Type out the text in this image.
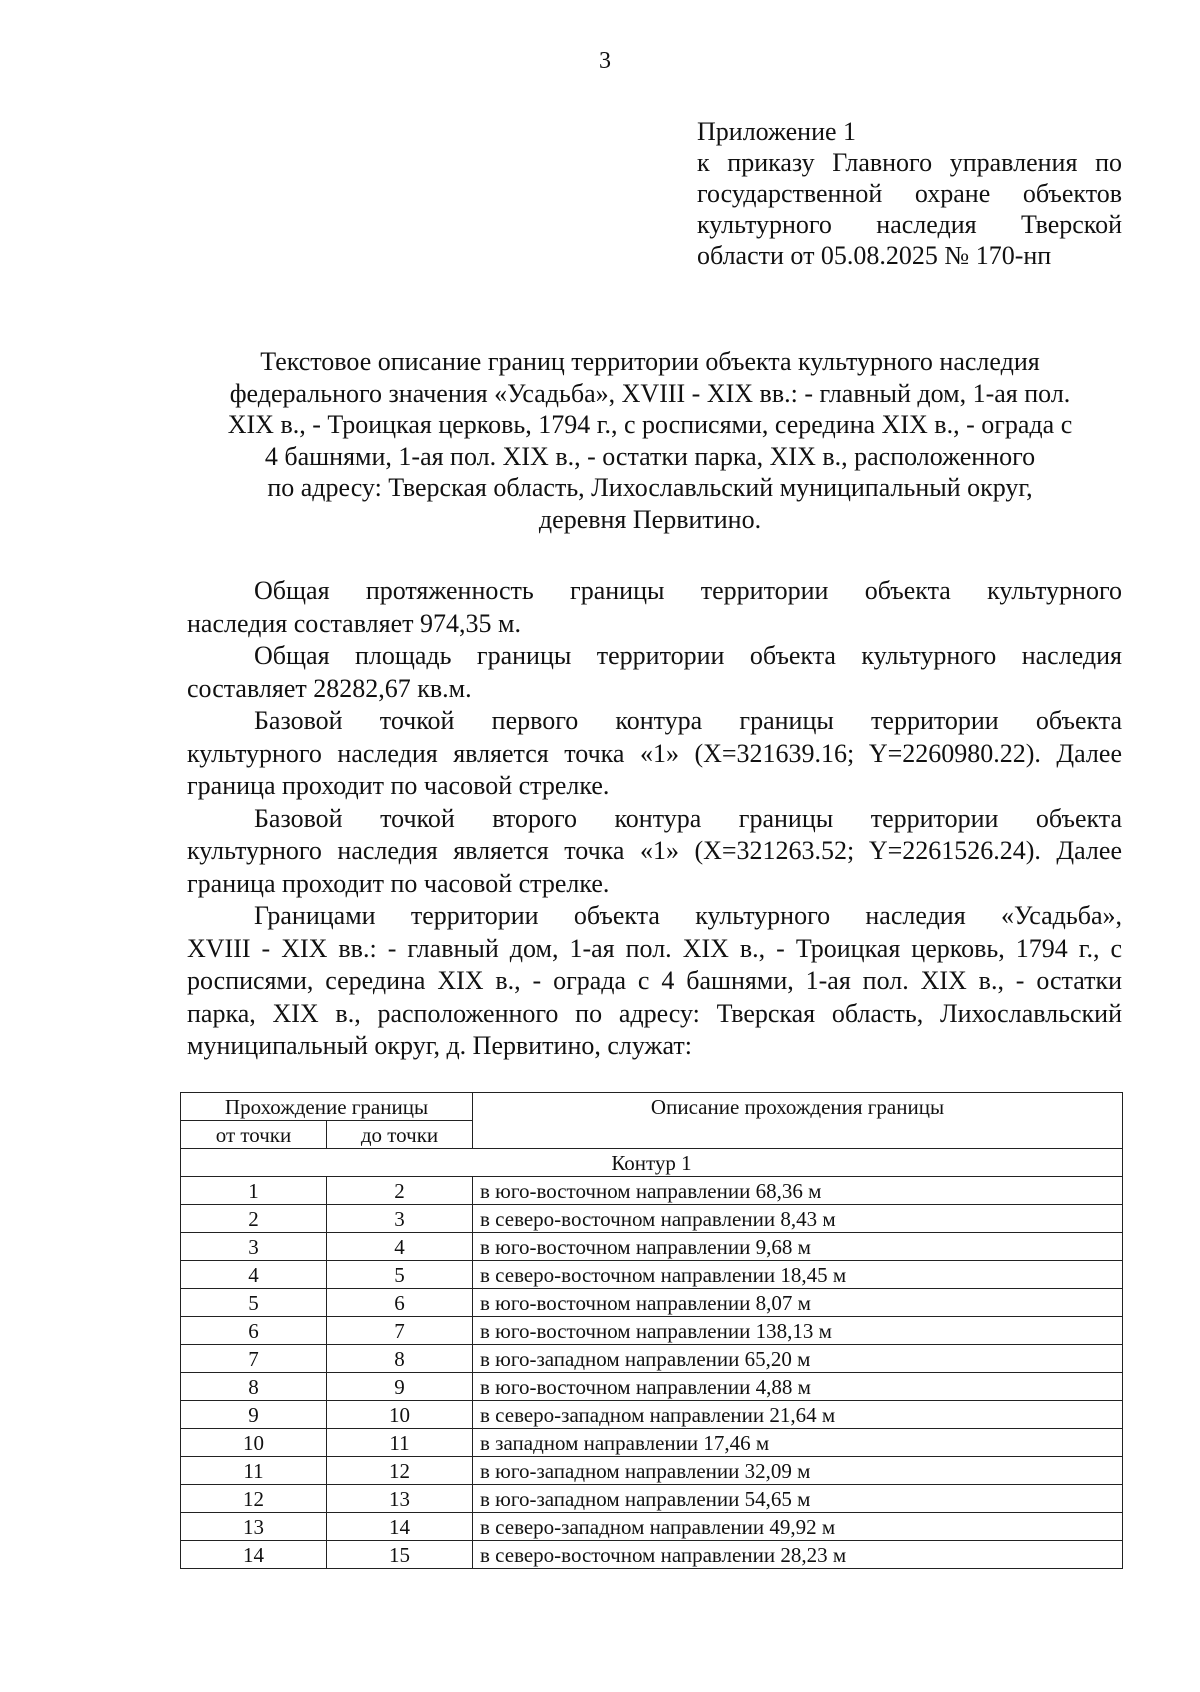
3
Приложение 1
к приказу Главного управления по
государственной охране объектов
культурного наследия Тверской
области от 05.08.2025 № 170-нп
Текстовое описание границ территории объекта культурного наследия
федерального значения «Усадьба», XVIII - XIX вв.: - главный дом, 1-ая пол.
XIX в., - Троицкая церковь, 1794 г., с росписями, середина XIX в., - ограда с
4 башнями, 1-ая пол. XIX в., - остатки парка, XIX в., расположенного
по адресу: Тверская область, Лихославльский муниципальный округ,
деревня Первитино.
Общая протяженность границы территории объекта культурного
наследия составляет 974,35 м.
Общая площадь границы территории объекта культурного наследия
составляет 28282,67 кв.м.
Базовой точкой первого контура границы территории объекта
культурного наследия является точка «1» (X=321639.16; Y=2260980.22). Далее
граница проходит по часовой стрелке.
Базовой точкой второго контура границы территории объекта
культурного наследия является точка «1» (X=321263.52; Y=2261526.24). Далее
граница проходит по часовой стрелке.
Границами территории объекта культурного наследия «Усадьба»,
XVIII - XIX вв.: - главный дом, 1-ая пол. XIX в., - Троицкая церковь, 1794 г., с
росписями, середина XIX в., - ограда с 4 башнями, 1-ая пол. XIX в., - остатки
парка, XIX в., расположенного по адресу: Тверская область, Лихославльский
муниципальный округ, д. Первитино, служат:
Прохождение границы		Описание прохождения границы
от точки	до точки	
Контур 1		
1	2	в юго-восточном направлении 68,36 м
2	3	в северо-восточном направлении 8,43 м
3	4	в юго-восточном направлении 9,68 м
4	5	в северо-восточном направлении 18,45 м
5	6	в юго-восточном направлении 8,07 м
6	7	в юго-восточном направлении 138,13 м
7	8	в юго-западном направлении 65,20 м
8	9	в юго-восточном направлении 4,88 м
9	10	в северо-западном направлении 21,64 м
10	11	в западном направлении 17,46 м
11	12	в юго-западном направлении 32,09 м
12	13	в юго-западном направлении 54,65 м
13	14	в северо-западном направлении 49,92 м
14	15	в северо-восточном направлении 28,23 м
